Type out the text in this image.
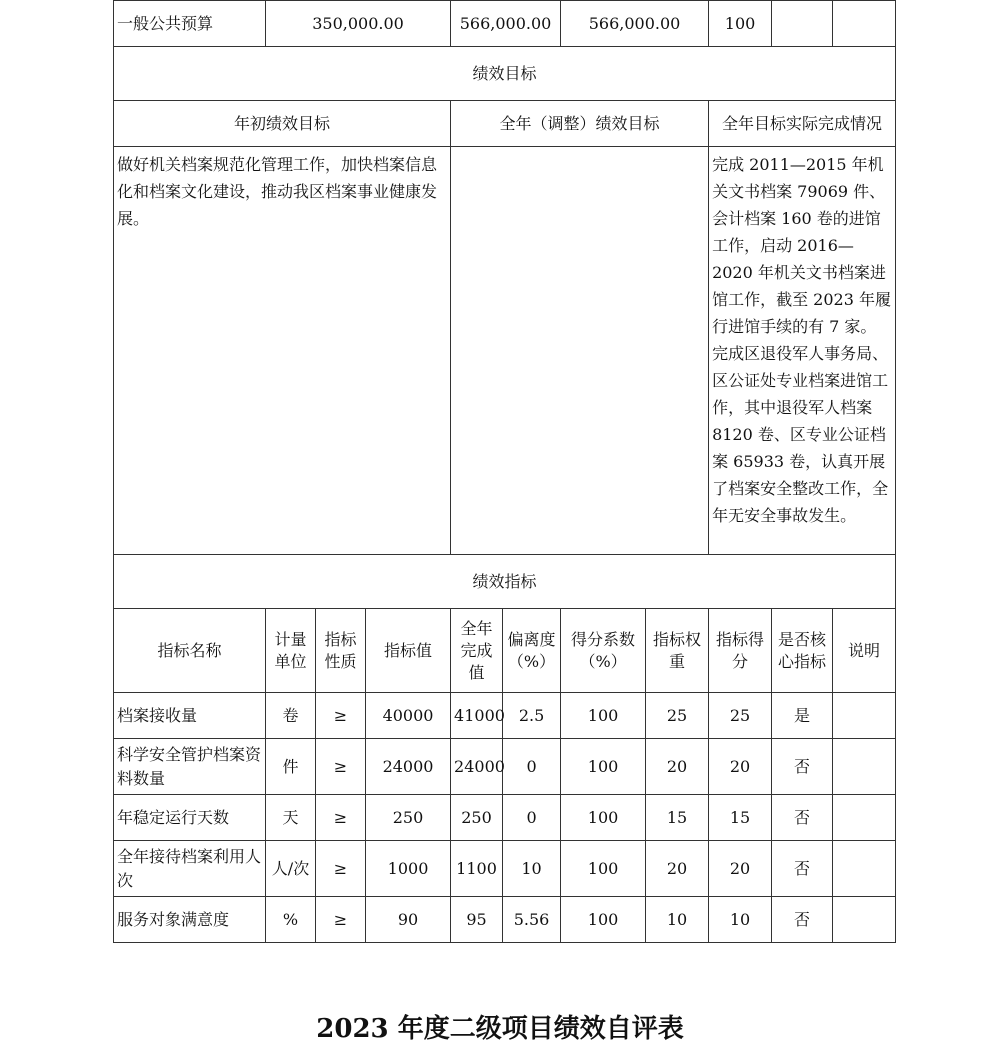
一般公共预算	350,000.00			566,000.00		566,000.00		100		
绩效目标										
年初绩效目标				全年（调整）绩效目标				全年目标实际完成情况		
做好机关档案规范化管理工作，加快档案信息化和档案文化建设，推动我区档案事业健康发展。								完成 2011—2015 年机关文书档案 79069 件、会计档案 160 卷的进馆工作，启动 2016—2020 年机关文书档案进馆工作，截至 2023 年履行进馆手续的有 7 家。完成区退役军人事务局、区公证处专业档案进馆工作，其中退役军人档案 8120 卷、区专业公证档案 65933 卷，认真开展了档案安全整改工作，全年无安全事故发生。		
绩效指标										
指标名称	计量单位	指标性质	指标值	全年完成值	偏离度（%）	得分系数（%）	指标权重	指标得分	是否核心指标	说明
档案接收量	卷	≥	40000	41000	2.5	100	25	25	是	
科学安全管护档案资料数量	件	≥	24000	24000	0	100	20	20	否	
年稳定运行天数	天	≥	250	250	0	100	15	15	否	
全年接待档案利用人次	人/次	≥	1000	1100	10	100	20	20	否	
服务对象满意度	%	≥	90	95	5.56	100	10	10	否	
2023 年度二级项目绩效自评表
